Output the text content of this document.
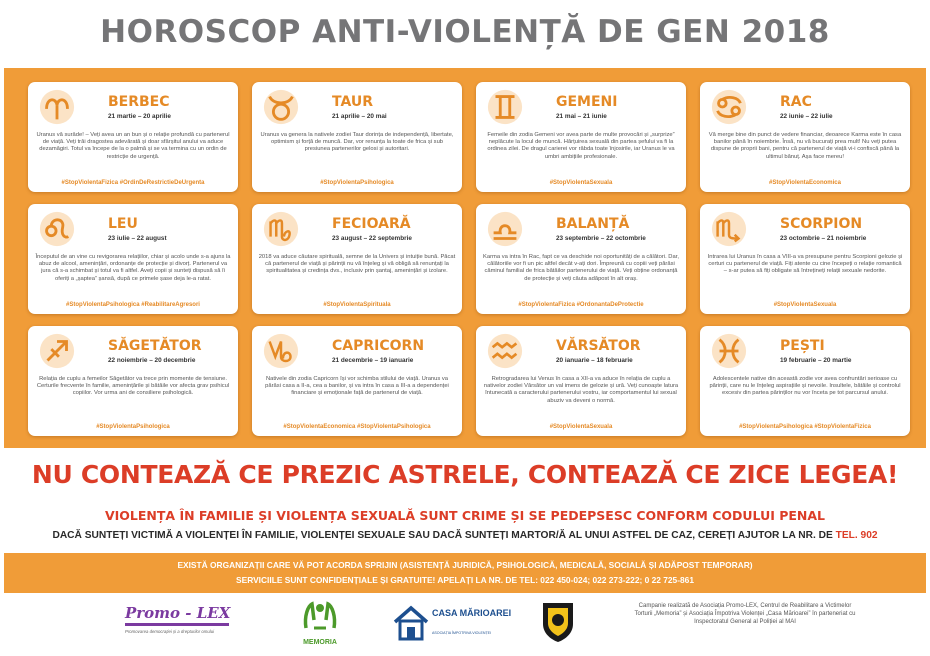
HOROSCOP ANTI-VIOLENȚĂ DE GEN 2018
BERBEC
21 martie – 20 aprilie
Uranus vă surâde! – Veți avea un an bun și o relație profundă cu partenerul de viață. Veți trăi dragostea adevărată și doar sfârșitul anului va aduce dezamăgiri. Totul va începe de la o palmă și se va termina cu un ordin de restricție de urgență.
#StopViolentaFizica #OrdinDeRestrictieDeUrgenta
TAUR
21 aprilie – 20 mai
Uranus va genera la nativele zodiei Taur dorința de independență, libertate, optimism și forță de muncă. Dar, vor renunța la toate de frica și sub presiunea partenerilor gelosi și autoritari.
#StopViolentaPsihologica
GEMENI
21 mai – 21 iunie
Femeile din zodia Gemeni vor avea parte de multe provocări și „surprize” neplăcute la locul de muncă. Hărțuirea sexuală din partea șefului va fi la ordinea zilei. De dragul carierei vor răbda toate înjosirile, iar Uranus le va umbri ambițiile profesionale.
#StopViolentaSexuala
RAC
22 iunie – 22 iulie
Vă merge bine din punct de vedere financiar, deoarece Karma este în casa banilor până în noiembrie. Însă, nu vă bucurați prea mult! Nu veți putea dispune de proprii bani, pentru că partenerul de viață vi-i confiscă până la ultimul bănuț. Așa face mereu!
#StopViolentaEconomica
LEU
23 iulie – 22 august
Începutul de an vine cu revigorarea relațiilor, chiar și acolo unde s-a ajuns la abuz de alcool, amenințări, ordonanțe de protecție și divorț. Partenerul va jura că s-a schimbat și totul va fi altfel. Aveți copii și sunteți dispusă să îi oferiți a „șaptea” șansă, după ce primele șase deja le-a ratat.
#StopViolentaPsihologica #ReabilitareAgresori
FECIOARĂ
23 august – 22 septembrie
2018 va aduce căutare spirituală, semne de la Univers și intuiție bună. Păcat că partenerul de viață și părinții nu vă înțeleg și vă obligă să renunțați la spiritualitatea și credința dvs., inclusiv prin șantaj, amenințări și izolare.
#StopViolentaSpirituala
BALANȚĂ
23 septembrie – 22 octombrie
Karma va intra în Rac, fapt ce va deschide noi oportunități de a călători. Dar, călătoriile vor fi un pic altfel decât v-ați dori. Împreună cu copiii veți părăsi căminul familial de frica bătăilor partenerului de viață. Veți obține ordonanță de protecție și veți căuta adăpost în alt oraș.
#StopViolentaFizica #OrdonantaDeProtectie
SCORPION
23 octombrie – 21 noiembrie
Intrarea lui Uranus în casa a VIII-a va presupune pentru Scorpioni gelozie și certuri cu partenerul de viață. Fiți atente cu cine începeți o relație romantică – s-ar putea să fiți obligate să întrețineți relații sexuale nedorite.
#StopViolentaSexuala
SĂGETĂTOR
22 noiembrie – 20 decembrie
Relația de cuplu a femeilor Săgetător va trece prin momente de tensiune. Certurile frecvente în familie, amenințările și bătăile vor afecta grav psihicul copiilor. Vor urma ani de consiliere psihologică.
#StopViolentaPsihologica
CAPRICORN
21 decembrie – 19 ianuarie
Nativele din zodia Capricorn își vor schimba stilului de viață. Uranus va părăsi casa a II-a, cea a banilor, și va intra în casa a III-a a dependenței financiare și emoționale față de partenerul de viață.
#StopViolentaEconomica #StopViolentaPsihologica
VĂRSĂTOR
20 ianuarie – 18 februarie
Retrogradarea lui Venus în casa a XII-a va aduce în relația de cuplu a nativelor zodiei Vărsător un val imens de gelozie și ură. Veți cunoaște latura întunecată a caracterului partenerului vostru, iar comportamentul lui sexual abuziv va deveni o normă.
#StopViolentaSexuala
PEȘTI
19 februarie – 20 martie
Adolescentele native din această zodie vor avea confruntări serioase cu părinții, care nu le înțeleg aspirațiile și nevoile. Insultele, bătăile și controlul excesiv din partea părinților nu vor înceta pe tot parcursul anului.
#StopViolentaPsihologica #StopViolentaFizica
NU CONTEAZĂ CE PREZIC ASTRELE, CONTEAZĂ CE ZICE LEGEA!
VIOLENȚA ÎN FAMILIE ȘI VIOLENȚA SEXUALĂ SUNT CRIME ȘI SE PEDEPSESC CONFORM CODULUI PENAL
DACĂ SUNTEȚI VICTIMĂ A VIOLENȚEI ÎN FAMILIE, VIOLENȚEI SEXUALE SAU DACĂ SUNTEȚI MARTOR/Ă AL UNUI ASTFEL DE CAZ, CEREȚI AJUTOR LA NR. DE TEL. 902
EXISTĂ ORGANIZAȚII CARE VĂ POT ACORDA SPRIJIN (ASISTENȚĂ JURIDICĂ, PSIHOLOGICĂ, MEDICALĂ, SOCIALĂ ȘI ADĂPOST TEMPORAR)
SERVICIILE SUNT CONFIDENȚIALE ȘI GRATUITE! APELAȚI LA NR. DE TEL: 022 450-024; 022 273-222; 0 22 725-861
Promo - LEX
Promovarea democrației și a drepturilor omului
MEMORIA
CASA MĂRIOAREI
ASOCIAȚIA ÎMPOTRIVA VIOLENȚEI
Campanie realizată de Asociația Promo-LEX, Centrul de Reabilitare a Victimelor Torturii „Memoria” și Asociația Împotriva Violenței „Casa Mărioarei” în parteneriat cu Inspectoratul General al Poliției al MAI
